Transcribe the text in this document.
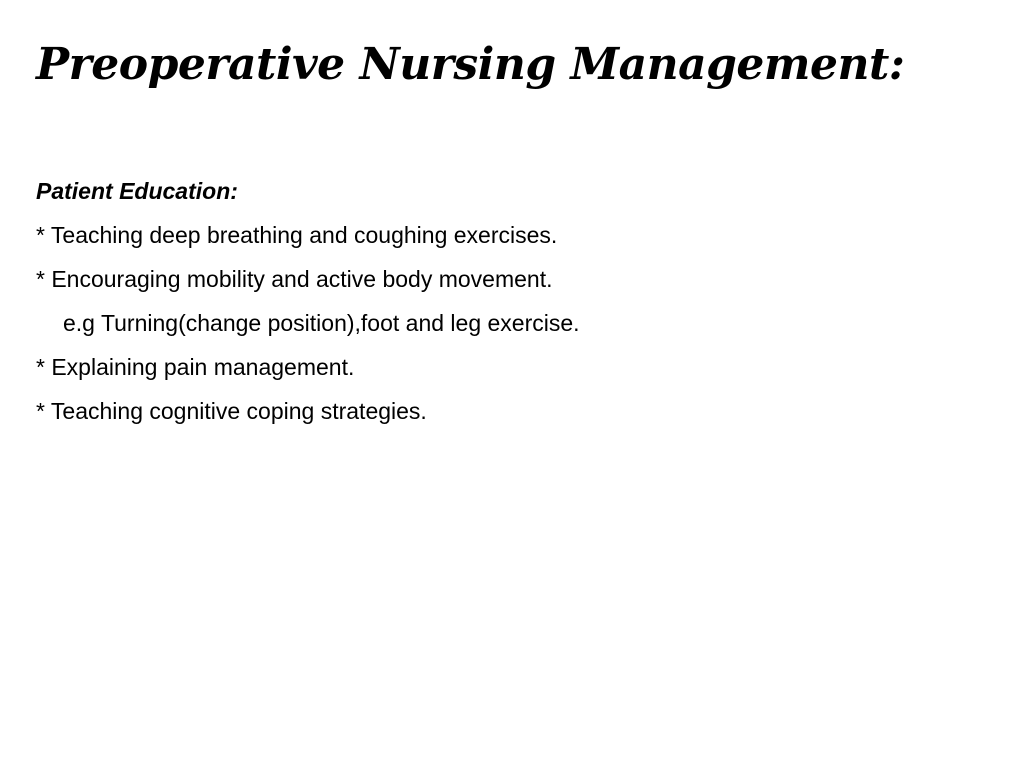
Preoperative Nursing Management:

Patient Education:

* Teaching deep breathing and coughing exercises.

* Encouraging mobility and active body movement.

e.g Turning(change position),foot and leg exercise.

* Explaining pain management.

* Teaching cognitive coping strategies.
